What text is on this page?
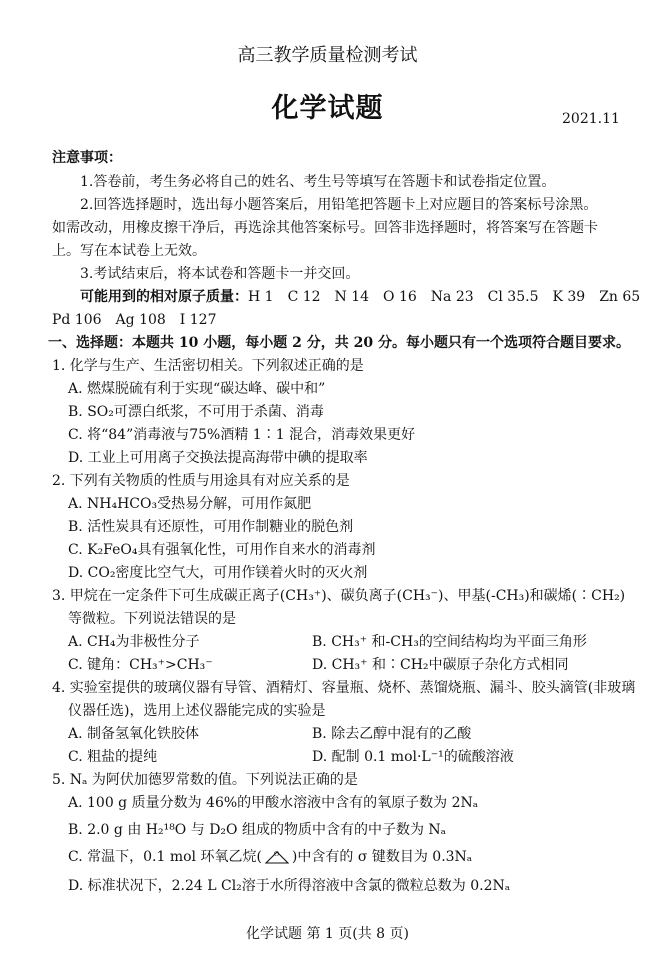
高三教学质量检测考试
化学试题	2021.11
注意事项：
1.答卷前，考生务必将自己的姓名、考生号等填写在答题卡和试卷指定位置。
2.回答选择题时，选出每小题答案后，用铅笔把答题卡上对应题目的答案标号涂黑。
如需改动，用橡皮擦干净后，再选涂其他答案标号。回答非选择题时，将答案写在答题卡
上。写在本试卷上无效。
3.考试结束后，将本试卷和答题卡一并交回。
可能用到的相对原子质量：H 1　C 12　N 14　O 16　Na 23　Cl 35.5　K 39　Zn 65
Pd 106　Ag 108　I 127
一、选择题：本题共 10 小题，每小题 2 分，共 20 分。每小题只有一个选项符合题目要求。
1. 化学与生产、生活密切相关。下列叙述正确的是
A. 燃煤脱硫有利于实现“碳达峰、碳中和”
B. SO₂可漂白纸浆，不可用于杀菌、消毒
C. 将“84”消毒液与75%酒精 1∶1 混合，消毒效果更好
D. 工业上可用离子交换法提高海带中碘的提取率
2. 下列有关物质的性质与用途具有对应关系的是
A. NH₄HCO₃受热易分解，可用作氮肥
B. 活性炭具有还原性，可用作制糖业的脱色剂
C. K₂FeO₄具有强氧化性，可用作自来水的消毒剂
D. CO₂密度比空气大，可用作镁着火时的灭火剂
3. 甲烷在一定条件下可生成碳正离子(CH₃⁺)、碳负离子(CH₃⁻)、甲基(-CH₃)和碳烯(∶CH₂)
等微粒。下列说法错误的是
A. CH₄为非极性分子	B. CH₃⁺ 和-CH₃的空间结构均为平面三角形
C. 键角：CH₃⁺>CH₃⁻	D. CH₃⁺ 和∶CH₂中碳原子杂化方式相同
4. 实验室提供的玻璃仪器有导管、酒精灯、容量瓶、烧杯、蒸馏烧瓶、漏斗、胶头滴管(非玻璃
仪器任选)，选用上述仪器能完成的实验是
A. 制备氢氧化铁胶体	B. 除去乙醇中混有的乙酸
C. 粗盐的提纯	D. 配制 0.1 mol·L⁻¹的硫酸溶液
5. Nₐ 为阿伏加德罗常数的值。下列说法正确的是
A. 100 g 质量分数为 46%的甲酸水溶液中含有的氧原子数为 2Nₐ
B. 2.0 g 由 H₂¹⁸O 与 D₂O 组成的物质中含有的中子数为 Nₐ
C. 常温下，0.1 mol 环氧乙烷( O )中含有的 σ 键数目为 0.3Nₐ
D. 标准状况下，2.24 L Cl₂溶于水所得溶液中含氯的微粒总数为 0.2Nₐ
化学试题 第 1 页(共 8 页)
